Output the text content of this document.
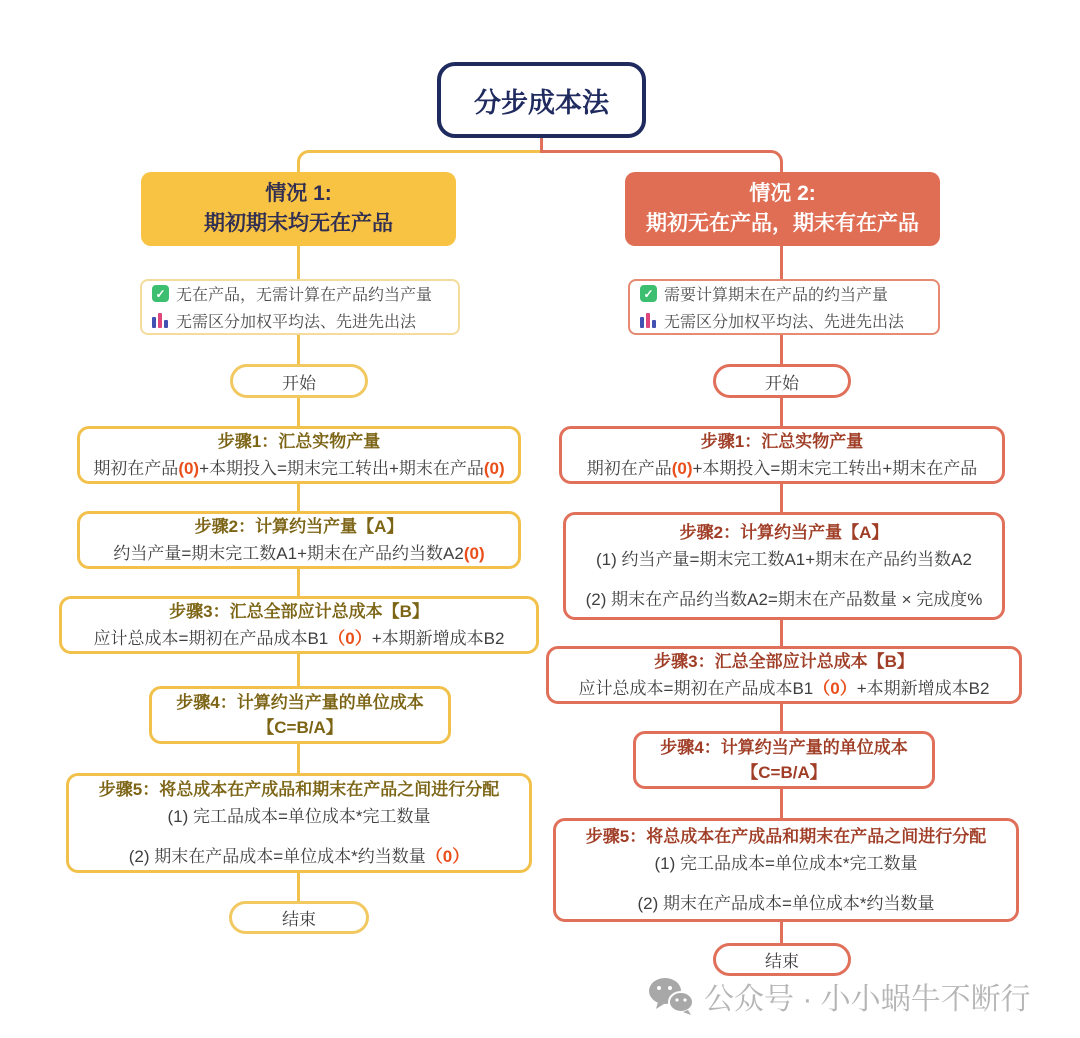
分步成本法
情况 1:
期初期末均无在产品
✓ 无在产品，无需计算在产品约当产量
无需区分加权平均法、先进先出法
开始
步骤1：汇总实物产量
期初在产品(0)+本期投入=期末完工转出+期末在产品(0)
步骤2：计算约当产量【A】
约当产量=期末完工数A1+期末在产品约当数A2(0)
步骤3：汇总全部应计总成本【B】
应计总成本=期初在产品成本B1（0）+本期新增成本B2
步骤4：计算约当产量的单位成本
【C=B/A】
步骤5：将总成本在产成品和期末在产品之间进行分配
(1) 完工品成本=单位成本*完工数量
(2) 期末在产品成本=单位成本*约当数量（0）
结束
情况 2:
期初无在产品，期末有在产品
✓ 需要计算期末在产品的约当产量
无需区分加权平均法、先进先出法
开始
步骤1：汇总实物产量
期初在产品(0)+本期投入=期末完工转出+期末在产品
步骤2：计算约当产量【A】
(1) 约当产量=期末完工数A1+期末在产品约当数A2
(2) 期末在产品约当数A2=期末在产品数量 × 完成度%
步骤3：汇总全部应计总成本【B】
应计总成本=期初在产品成本B1（0）+本期新增成本B2
步骤4：计算约当产量的单位成本
【C=B/A】
步骤5：将总成本在产成品和期末在产品之间进行分配
(1) 完工品成本=单位成本*完工数量
(2) 期末在产品成本=单位成本*约当数量
结束
公众号 · 小小蜗牛不断行
